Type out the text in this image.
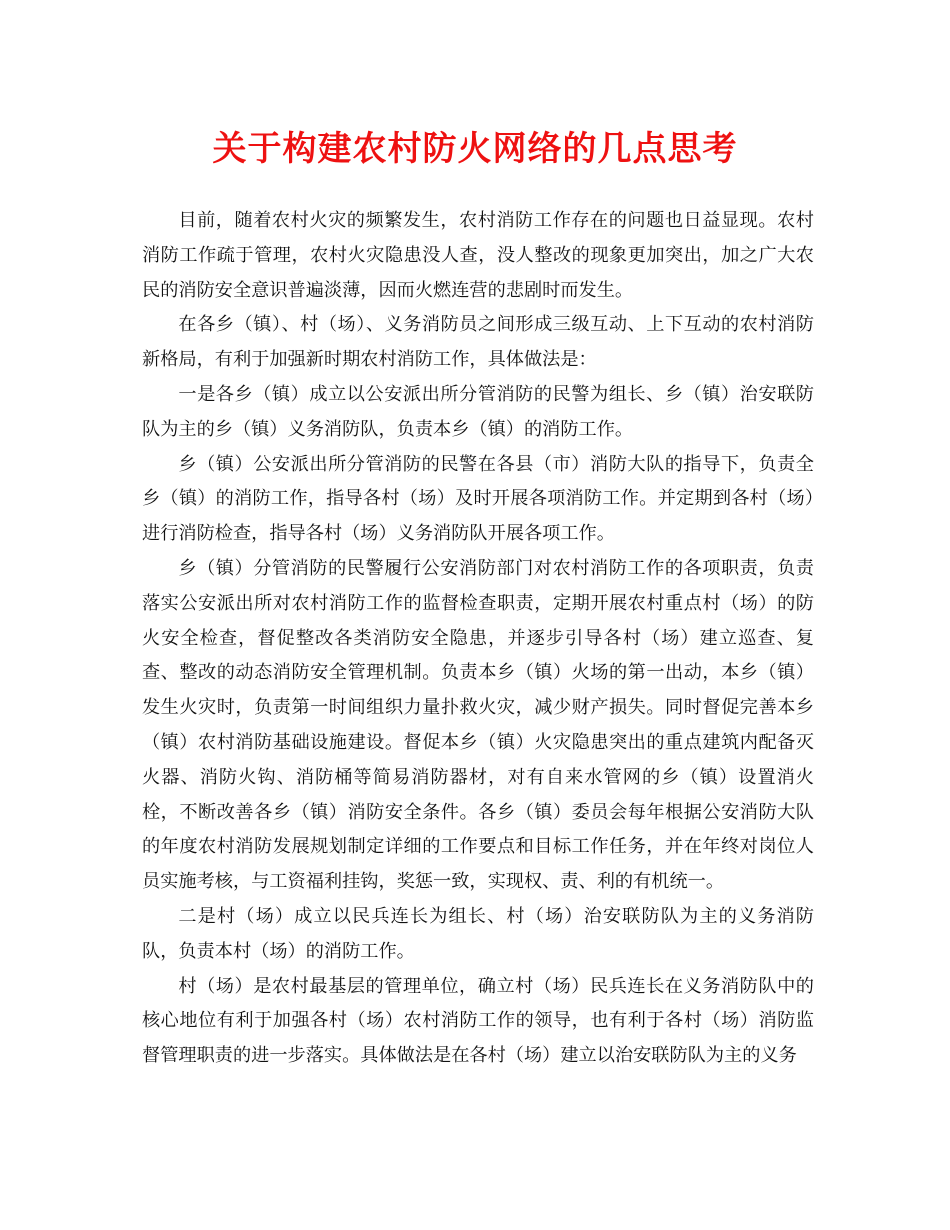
关于构建农村防火网络的几点思考

目前，随着农村火灾的频繁发生，农村消防工作存在的问题也日益显现。农村消防工作疏于管理，农村火灾隐患没人查，没人整改的现象更加突出，加之广大农民的消防安全意识普遍淡薄，因而火燃连营的悲剧时而发生。

在各乡（镇）、村（场）、义务消防员之间形成三级互动、上下互动的农村消防新格局，有利于加强新时期农村消防工作，具体做法是：

一是各乡（镇）成立以公安派出所分管消防的民警为组长、乡（镇）治安联防队为主的乡（镇）义务消防队，负责本乡（镇）的消防工作。

乡（镇）公安派出所分管消防的民警在各县（市）消防大队的指导下，负责全乡（镇）的消防工作，指导各村（场）及时开展各项消防工作。并定期到各村（场）进行消防检查，指导各村（场）义务消防队开展各项工作。

乡（镇）分管消防的民警履行公安消防部门对农村消防工作的各项职责，负责落实公安派出所对农村消防工作的监督检查职责，定期开展农村重点村（场）的防火安全检查，督促整改各类消防安全隐患，并逐步引导各村（场）建立巡查、复查、整改的动态消防安全管理机制。负责本乡（镇）火场的第一出动，本乡（镇）发生火灾时，负责第一时间组织力量扑救火灾，减少财产损失。同时督促完善本乡（镇）农村消防基础设施建设。督促本乡（镇）火灾隐患突出的重点建筑内配备灭火器、消防火钩、消防桶等简易消防器材，对有自来水管网的乡（镇）设置消火栓，不断改善各乡（镇）消防安全条件。各乡（镇）委员会每年根据公安消防大队的年度农村消防发展规划制定详细的工作要点和目标工作任务，并在年终对岗位人员实施考核，与工资福利挂钩，奖惩一致，实现权、责、利的有机统一。

二是村（场）成立以民兵连长为组长、村（场）治安联防队为主的义务消防队，负责本村（场）的消防工作。

村（场）是农村最基层的管理单位，确立村（场）民兵连长在义务消防队中的核心地位有利于加强各村（场）农村消防工作的领导，也有利于各村（场）消防监督管理职责的进一步落实。具体做法是在各村（场）建立以治安联防队为主的义务
